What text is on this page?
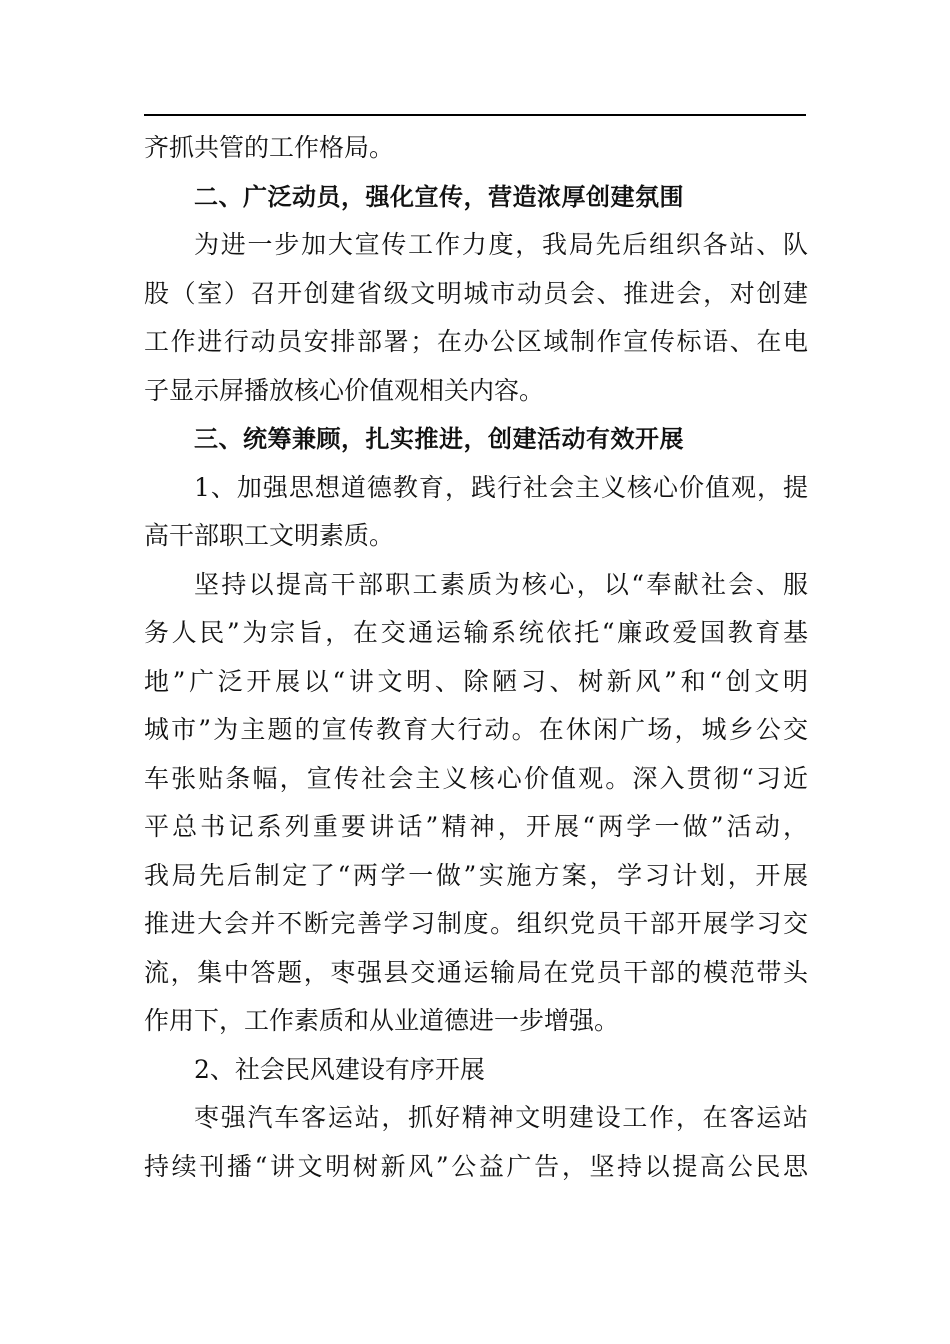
齐抓共管的工作格局。
二、广泛动员，强化宣传，营造浓厚创建氛围
为进一步加大宣传工作力度，我局先后组织各站、队
股（室）召开创建省级文明城市动员会、推进会，对创建
工作进行动员安排部署；在办公区域制作宣传标语、在电
子显示屏播放核心价值观相关内容。
三、统筹兼顾，扎实推进，创建活动有效开展
1、加强思想道德教育，践行社会主义核心价值观，提
高干部职工文明素质。
坚持以提高干部职工素质为核心，以“奉献社会、服
务人民”为宗旨，在交通运输系统依托“廉政爱国教育基
地”广泛开展以“讲文明、除陋习、树新风”和“创文明
城市”为主题的宣传教育大行动。在休闲广场，城乡公交
车张贴条幅，宣传社会主义核心价值观。深入贯彻“习近
平总书记系列重要讲话”精神，开展“两学一做”活动，
我局先后制定了“两学一做”实施方案，学习计划，开展
推进大会并不断完善学习制度。组织党员干部开展学习交
流，集中答题，枣强县交通运输局在党员干部的模范带头
作用下，工作素质和从业道德进一步增强。
2、社会民风建设有序开展
枣强汽车客运站，抓好精神文明建设工作，在客运站
持续刊播“讲文明树新风”公益广告，坚持以提高公民思
